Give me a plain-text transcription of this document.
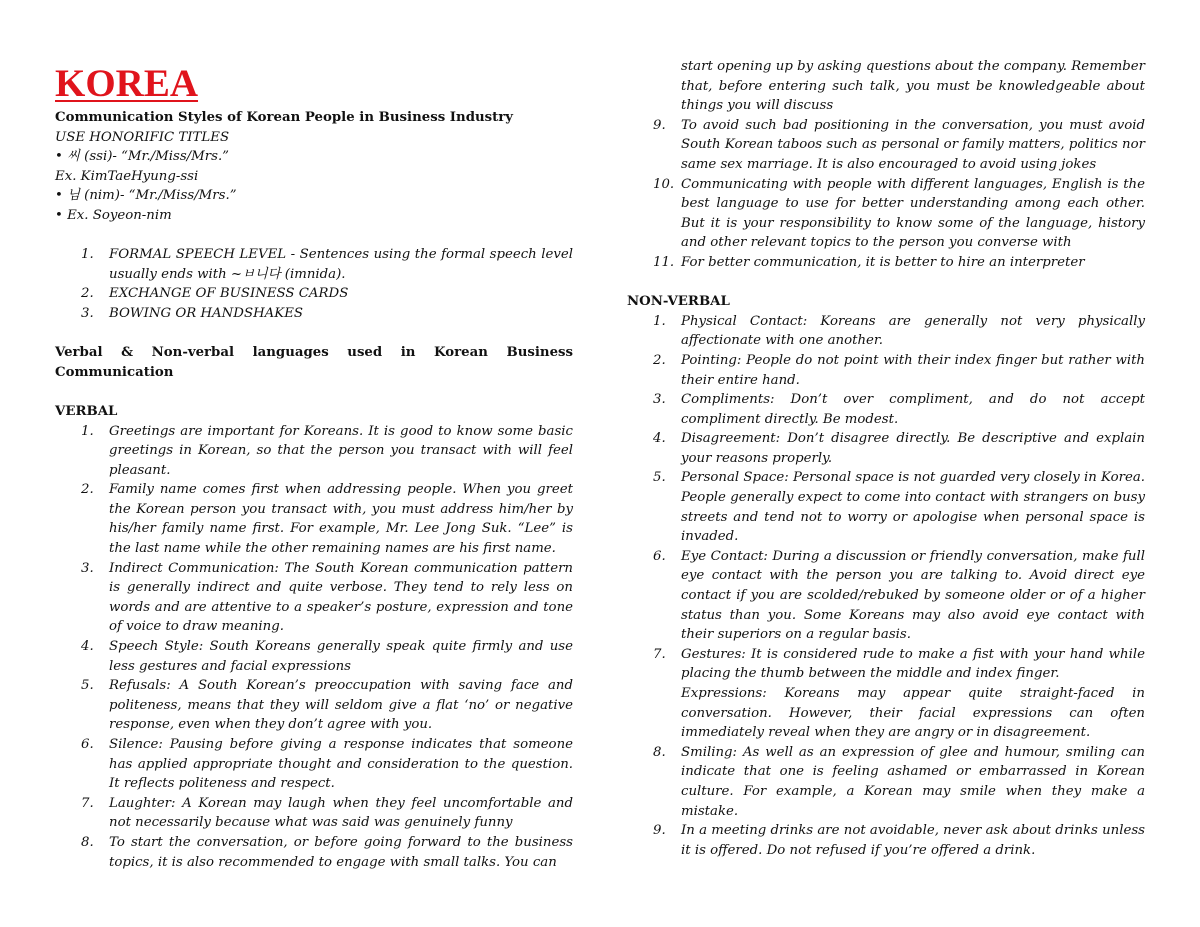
KOREA
Communication Styles of Korean People in Business Industry
USE HONORIFIC TITLES
• 씨 (ssi)- “Mr./Miss/Mrs.”
Ex. KimTaeHyung-ssi
• 님 (nim)- “Mr./Miss/Mrs.”
• Ex. Soyeon-nim
1. FORMAL SPEECH LEVEL - Sentences using the formal speech level usually ends with ~ㅂ니다 (imnida).
2. EXCHANGE OF BUSINESS CARDS
3. BOWING OR HANDSHAKES
Verbal & Non-verbal languages used in Korean Business Communication
VERBAL
1. Greetings are important for Koreans. It is good to know some basic greetings in Korean, so that the person you transact with will feel pleasant.
2. Family name comes first when addressing people. When you greet the Korean person you transact with, you must address him/her by his/her family name first. For example, Mr. Lee Jong Suk. “Lee” is the last name while the other remaining names are his first name.
3. Indirect Communication: The South Korean communication pattern is generally indirect and quite verbose. They tend to rely less on words and are attentive to a speaker’s posture, expression and tone of voice to draw meaning.
4. Speech Style: South Koreans generally speak quite firmly and use less gestures and facial expressions
5. Refusals: A South Korean’s preoccupation with saving face and politeness, means that they will seldom give a flat ‘no’ or negative response, even when they don’t agree with you.
6. Silence: Pausing before giving a response indicates that someone has applied appropriate thought and consideration to the question. It reflects politeness and respect.
7. Laughter: A Korean may laugh when they feel uncomfortable and not necessarily because what was said was genuinely funny
8. To start the conversation, or before going forward to the business topics, it is also recommended to engage with small talks. You can
start opening up by asking questions about the company. Remember that, before entering such talk, you must be knowledgeable about things you will discuss
9. To avoid such bad positioning in the conversation, you must avoid South Korean taboos such as personal or family matters, politics nor same sex marriage. It is also encouraged to avoid using jokes
10. Communicating with people with different languages, English is the best language to use for better understanding among each other. But it is your responsibility to know some of the language, history and other relevant topics to the person you converse with
11. For better communication, it is better to hire an interpreter
NON-VERBAL
1. Physical Contact: Koreans are generally not very physically affectionate with one another.
2. Pointing: People do not point with their index finger but rather with their entire hand.
3. Compliments: Don’t over compliment, and do not accept compliment directly. Be modest.
4. Disagreement: Don’t disagree directly. Be descriptive and explain your reasons properly.
5. Personal Space: Personal space is not guarded very closely in Korea. People generally expect to come into contact with strangers on busy streets and tend not to worry or apologise when personal space is invaded.
6. Eye Contact: During a discussion or friendly conversation, make full eye contact with the person you are talking to. Avoid direct eye contact if you are scolded/rebuked by someone older or of a higher status than you. Some Koreans may also avoid eye contact with their superiors on a regular basis.
7. Gestures: It is considered rude to make a fist with your hand while placing the thumb between the middle and index finger.
Expressions: Koreans may appear quite straight-faced in conversation. However, their facial expressions can often immediately reveal when they are angry or in disagreement.
8. Smiling: As well as an expression of glee and humour, smiling can indicate that one is feeling ashamed or embarrassed in Korean culture. For example, a Korean may smile when they make a mistake.
9. In a meeting drinks are not avoidable, never ask about drinks unless it is offered. Do not refused if you’re offered a drink.
